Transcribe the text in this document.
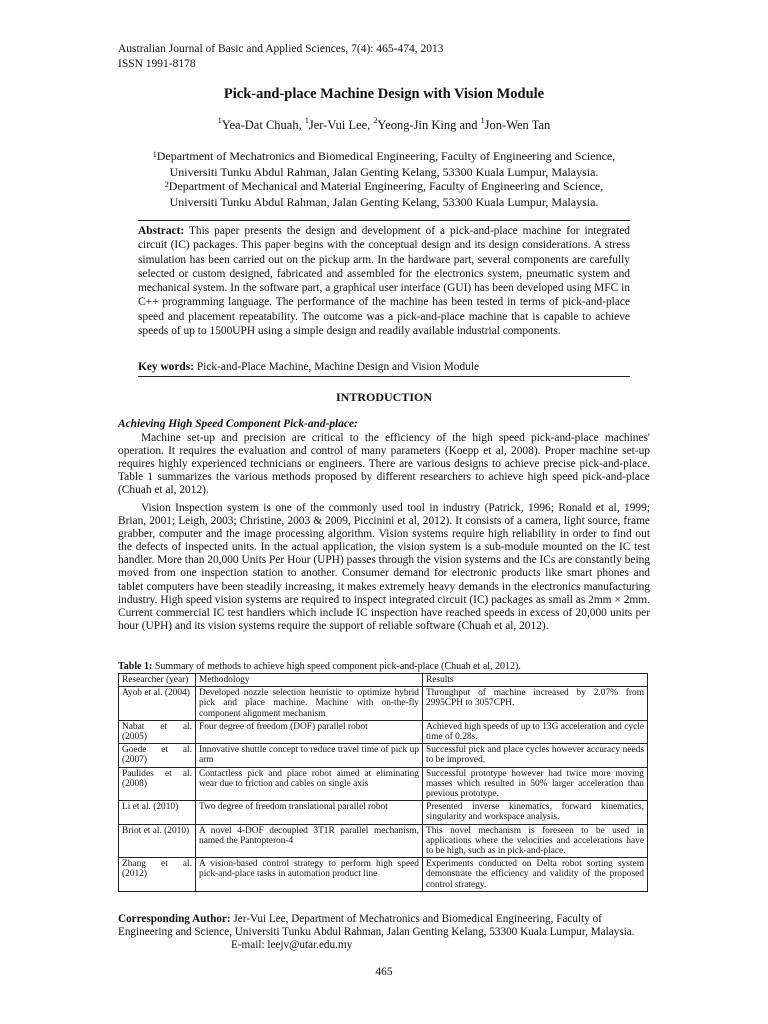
Australian Journal of Basic and Applied Sciences, 7(4): 465-474, 2013
ISSN 1991-8178
Pick-and-place Machine Design with Vision Module
$^1$Yea-Dat Chuah, $^1$Jer-Vui Lee, $^2$Yeong-Jin King and $^1$Jon-Wen Tan
$^1$Department of Mechatronics and Biomedical Engineering, Faculty of Engineering and Science,
Universiti Tunku Abdul Rahman, Jalan Genting Kelang, 53300 Kuala Lumpur, Malaysia.
$^2$Department of Mechanical and Material Engineering, Faculty of Engineering and Science,
Universiti Tunku Abdul Rahman, Jalan Genting Kelang, 53300 Kuala Lumpur, Malaysia.
Abstract: This paper presents the design and development of a pick-and-place machine for integrated circuit (IC) packages. This paper begins with the conceptual design and its design considerations. A stress simulation has been carried out on the pickup arm. In the hardware part, several components are carefully selected or custom designed, fabricated and assembled for the electronics system, pneumatic system and mechanical system. In the software part, a graphical user interface (GUI) has been developed using MFC in C++ programming language. The performance of the machine has been tested in terms of pick-and-place speed and placement repeatability. The outcome was a pick-and-place machine that is capable to achieve speeds of up to 1500UPH using a simple design and readily available industrial components.
Key words: Pick-and-Place Machine, Machine Design and Vision Module
INTRODUCTION
Achieving High Speed Component Pick-and-place:

Machine set-up and precision are critical to the efficiency of the high speed pick-and-place machines' operation. It requires the evaluation and control of many parameters (Koepp et al, 2008). Proper machine set-up requires highly experienced technicians or engineers. There are various designs to achieve precise pick-and-place. Table 1 summarizes the various methods proposed by different researchers to achieve high speed pick-and-place (Chuah et al, 2012).

Vision Inspection system is one of the commonly used tool in industry (Patrick, 1996; Ronald et al, 1999; Brian, 2001; Leigh, 2003; Christine, 2003 & 2009, Piccinini et al, 2012). It consists of a camera, light source, frame grabber, computer and the image processing algorithm. Vision systems require high reliability in order to find out the defects of inspected units. In the actual application, the vision system is a sub-module mounted on the IC test handler. More than 20,000 Units Per Hour (UPH) passes through the vision systems and the ICs are constantly being moved from one inspection station to another. Consumer demand for electronic products like smart phones and tablet computers have been steadily increasing, it makes extremely heavy demands in the electronics manufacturing industry. High speed vision systems are required to inspect integrated circuit (IC) packages as small as 2mm × 2mm. Current commercial IC test handlers which include IC inspection have reached speeds in excess of 20,000 units per hour (UPH) and its vision systems require the support of reliable software (Chuah et al, 2012).

Table 1: Summary of methods to achieve high speed component pick-and-place (Chuah et al, 2012).
Researcher (year)	Methodology	Results
Ayob et al. (2004)	Developed nozzle selection heuristic to optimize hybrid pick and place machine. Machine with on-the-fly component alignment mechanism	Throughput of machine increased by 2.07% from 2995CPH to 3057CPH.
Nabat et al. (2005)	Four degree of freedom (DOF) parallel robot	Achieved high speeds of up to 13G acceleration and cycle time of 0.28s.
Goede et al. (2007)	Innovative shuttle concept to reduce travel time of pick up arm	Successful pick and place cycles however accuracy needs to be improved.
Paulides et al. (2008)	Contactless pick and place robot aimed at eliminating wear due to friction and cables on single axis	Successful prototype however had twice more moving masses which resulted in 50% larger acceleration than previous prototype.
Li et al. (2010)	Two degree of freedom translational parallel robot	Presented inverse kinematics, forward kinematics, singularity and workspace analysis.
Briot et al. (2010)	A novel 4-DOF decoupled 3T1R parallel mechanism, named the Pantopteron-4	This novel mechanism is foreseen to be used in applications where the velocities and accelerations have to be high, such as in pick-and-place.
Zhang et al. (2012)	A vision-based control strategy to perform high speed pick-and-place tasks in automation product line	Experiments conducted on Delta robot sorting system demonstrate the efficiency and validity of the proposed control strategy.
Corresponding Author: Jer-Vui Lee, Department of Mechatronics and Biomedical Engineering, Faculty of Engineering and Science, Universiti Tunku Abdul Rahman, Jalan Genting Kelang, 53300 Kuala Lumpur, Malaysia.
E-mail: leejv@utar.edu.my
465
